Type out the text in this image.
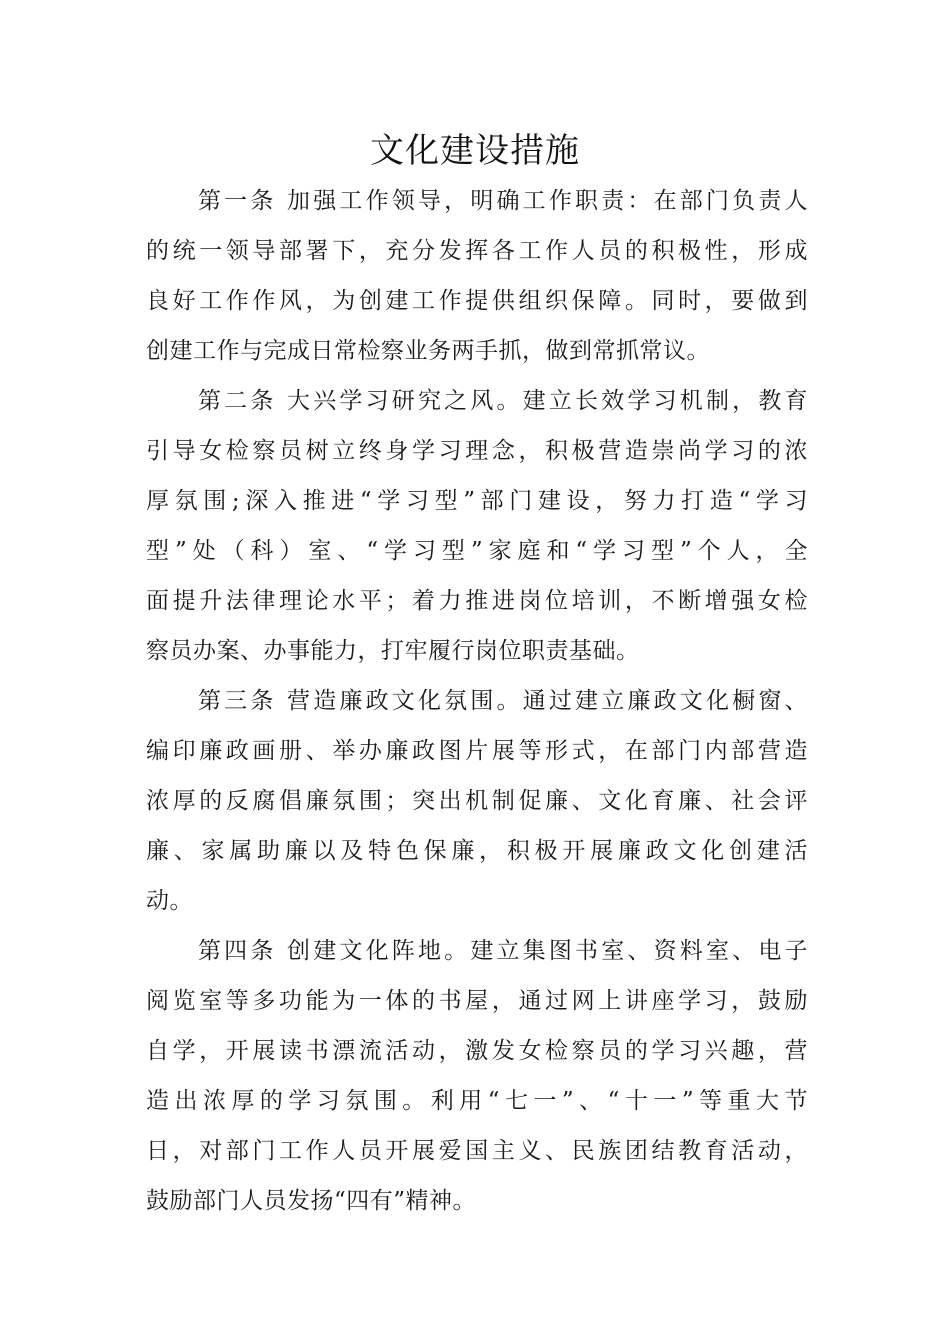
文化建设措施
第一条 加强工作领导，明确工作职责：在部门负责人
的统一领导部署下，充分发挥各工作人员的积极性，形成
良好工作作风，为创建工作提供组织保障。同时，要做到
创建工作与完成日常检察业务两手抓，做到常抓常议。
第二条 大兴学习研究之风。建立长效学习机制，教育
引导女检察员树立终身学习理念，积极营造崇尚学习的浓
厚氛围;深入推进“学习型”部门建设，努力打造“学习
型”处（科）室、“学习型”家庭和“学习型”个人，全
面提升法律理论水平；着力推进岗位培训，不断增强女检
察员办案、办事能力，打牢履行岗位职责基础。
第三条 营造廉政文化氛围。通过建立廉政文化橱窗、
编印廉政画册、举办廉政图片展等形式，在部门内部营造
浓厚的反腐倡廉氛围；突出机制促廉、文化育廉、社会评
廉、家属助廉以及特色保廉，积极开展廉政文化创建活
动。
第四条 创建文化阵地。建立集图书室、资料室、电子
阅览室等多功能为一体的书屋，通过网上讲座学习，鼓励
自学，开展读书漂流活动，激发女检察员的学习兴趣，营
造出浓厚的学习氛围。利用“七一”、“十一”等重大节
日，对部门工作人员开展爱国主义、民族团结教育活动，
鼓励部门人员发扬“四有”精神。
